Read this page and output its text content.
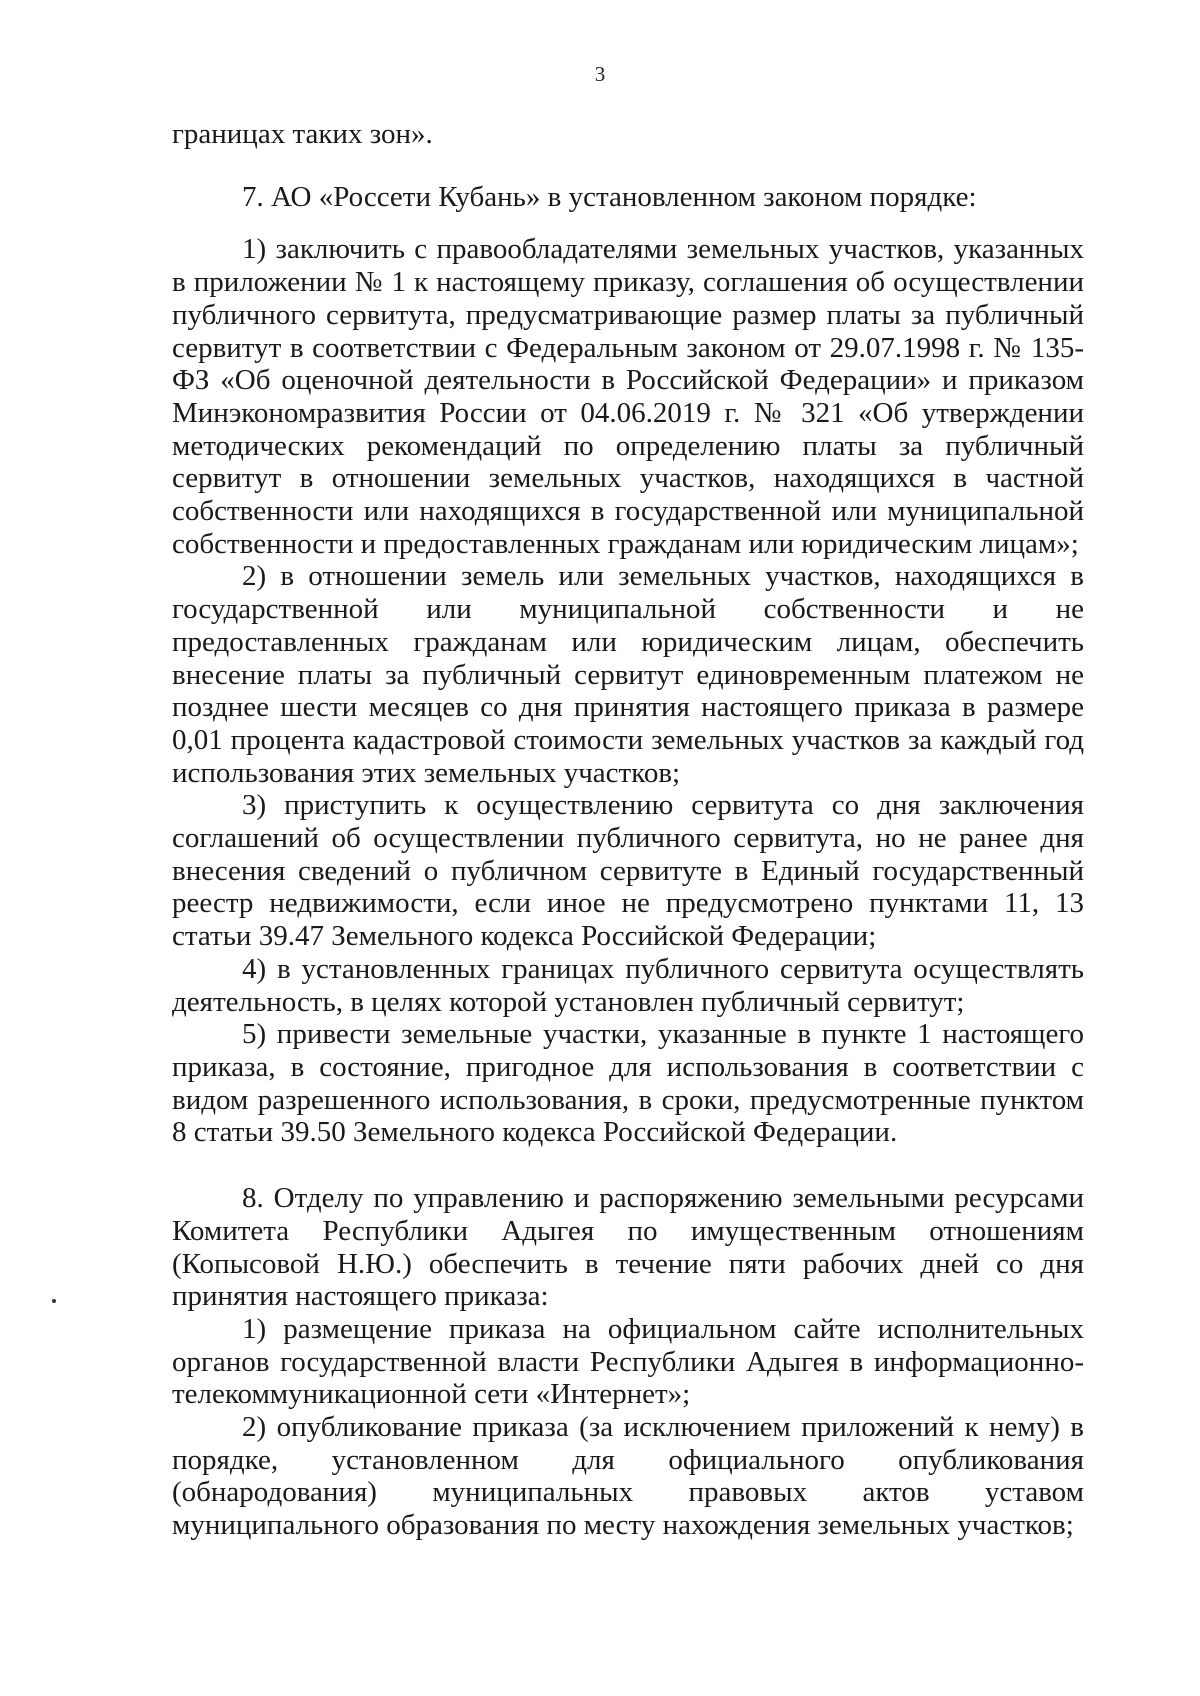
3

границах таких зон».

7. АО «Россети Кубань» в установленном законом порядке:

1) заключить с правообладателями земельных участков, указанных в приложении № 1 к настоящему приказу, соглашения об осуществлении публичного сервитута, предусматривающие размер платы за публичный сервитут в соответствии с Федеральным законом от 29.07.1998 г. № 135-ФЗ «Об оценочной деятельности в Российской Федерации» и приказом Минэкономразвития России от 04.06.2019 г. № 321 «Об утверждении методических рекомендаций по определению платы за публичный сервитут в отношении земельных участков, находящихся в частной собственности или находящихся в государственной или муниципальной собственности и предоставленных гражданам или юридическим лицам»;

2) в отношении земель или земельных участков, находящихся в государственной или муниципальной собственности и не предоставленных гражданам или юридическим лицам, обеспечить внесение платы за публичный сервитут единовременным платежом не позднее шести месяцев со дня принятия настоящего приказа в размере 0,01 процента кадастровой стоимости земельных участков за каждый год использования этих земельных участков;

3) приступить к осуществлению сервитута со дня заключения соглашений об осуществлении публичного сервитута, но не ранее дня внесения сведений о публичном сервитуте в Единый государственный реестр недвижимости, если иное не предусмотрено пунктами 11, 13 статьи 39.47 Земельного кодекса Российской Федерации;

4) в установленных границах публичного сервитута осуществлять деятельность, в целях которой установлен публичный сервитут;

5) привести земельные участки, указанные в пункте 1 настоящего приказа, в состояние, пригодное для использования в соответствии с видом разрешенного использования, в сроки, предусмотренные пунктом 8 статьи 39.50 Земельного кодекса Российской Федерации.

8. Отделу по управлению и распоряжению земельными ресурсами Комитета Республики Адыгея по имущественным отношениям (Копысовой Н.Ю.) обеспечить в течение пяти рабочих дней со дня принятия настоящего приказа:

1) размещение приказа на официальном сайте исполнительных органов государственной власти Республики Адыгея в информационно-телекоммуникационной сети «Интернет»;

2) опубликование приказа (за исключением приложений к нему) в порядке, установленном для официального опубликования (обнародования) муниципальных правовых актов уставом муниципального образования по месту нахождения земельных участков;
